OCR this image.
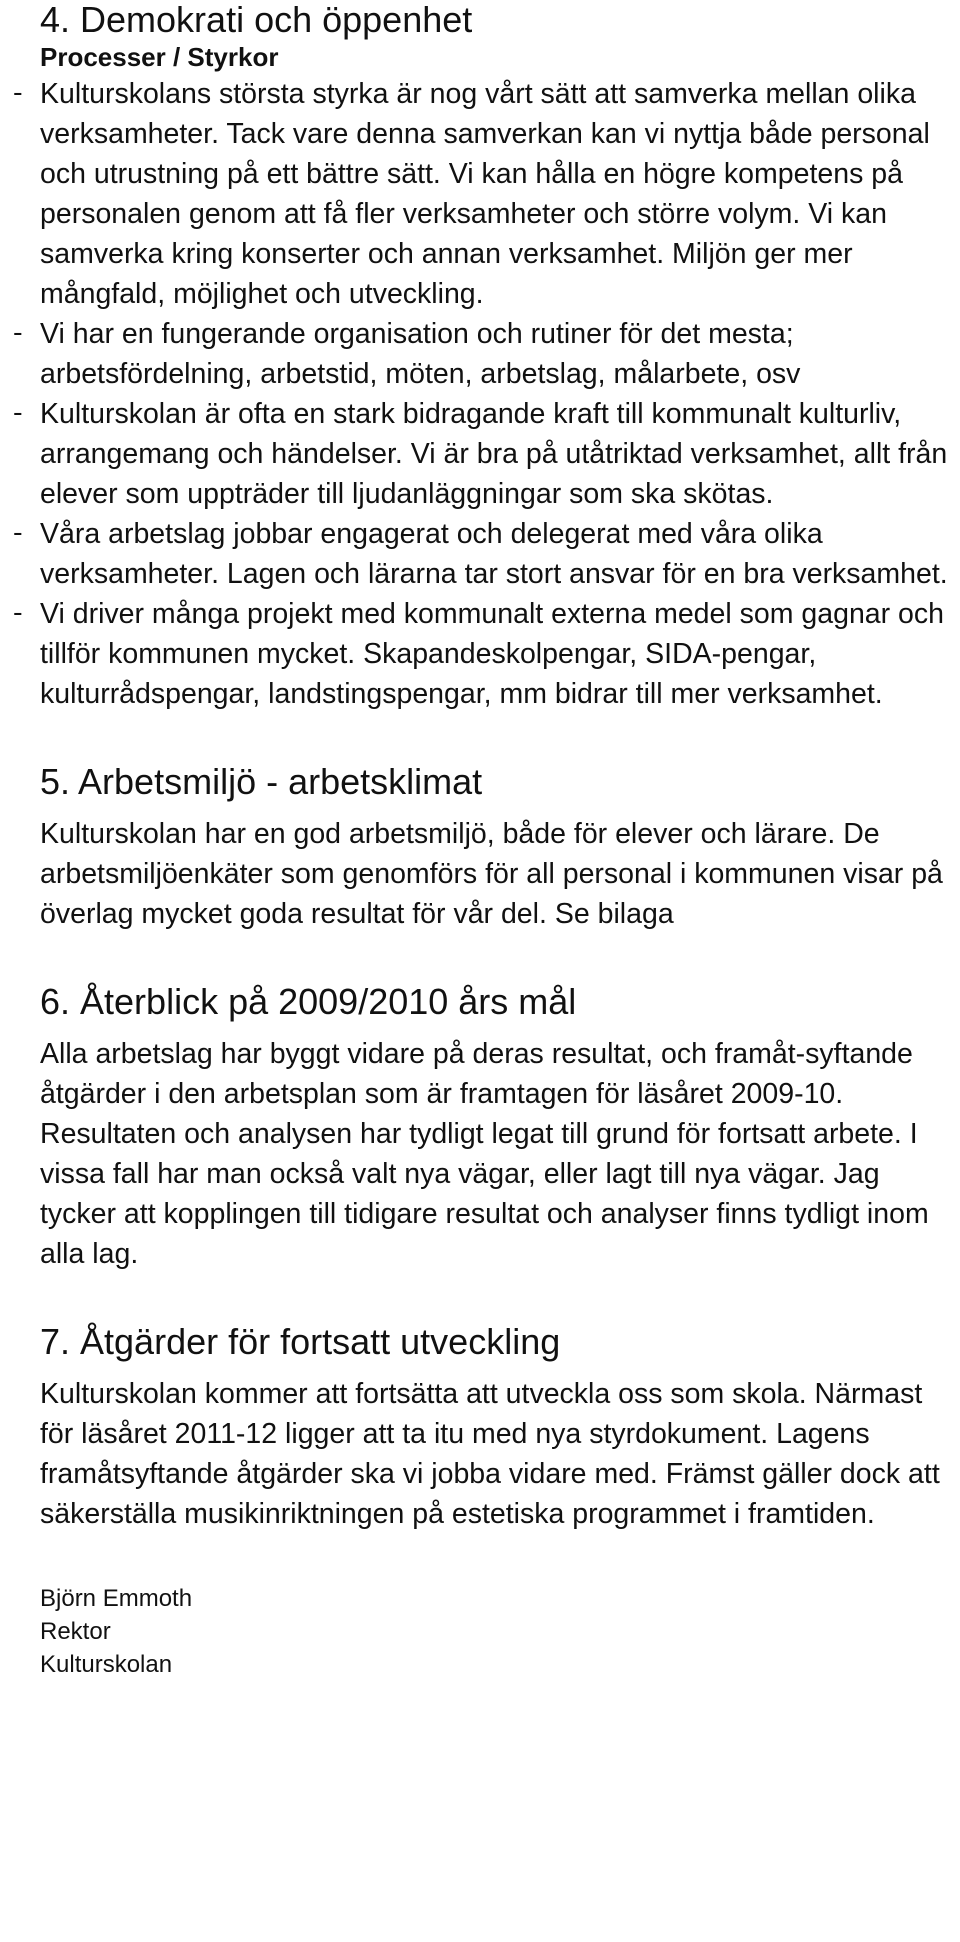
4. Demokrati och öppenhet

Processer / Styrkor

- Kulturskolans största styrka är nog vårt sätt att samverka mellan olika verksamheter. Tack vare denna samverkan kan vi nyttja både personal och utrustning på ett bättre sätt. Vi kan hålla en högre kompetens på personalen genom att få fler verksamheter och större volym. Vi kan samverka kring konserter och annan verksamhet. Miljön ger mer mångfald, möjlighet och utveckling.
- Vi har en fungerande organisation och rutiner för det mesta; arbetsfördelning, arbetstid, möten, arbetslag, målarbete, osv
- Kulturskolan är ofta en stark bidragande kraft till kommunalt kulturliv, arrangemang och händelser. Vi är bra på utåtriktad verksamhet, allt från elever som uppträder till ljudanläggningar som ska skötas.
- Våra arbetslag jobbar engagerat och delegerat med våra olika verksamheter. Lagen och lärarna tar stort ansvar för en bra verksamhet.
- Vi driver många projekt med kommunalt externa medel som gagnar och tillför kommunen mycket. Skapandeskolpengar, SIDA-pengar, kulturrådspengar, landstingspengar, mm bidrar till mer verksamhet.
5. Arbetsmiljö - arbetsklimat

Kulturskolan har en god arbetsmiljö, både för elever och lärare. De arbetsmiljöenkäter som genomförs för all personal i kommunen visar på överlag mycket goda resultat för vår del. Se bilaga

6. Återblick på 2009/2010 års mål

Alla arbetslag har byggt vidare på deras resultat, och framåt-syftande åtgärder i den arbetsplan som är framtagen för läsåret 2009-10. Resultaten och analysen har tydligt legat till grund för fortsatt arbete. I vissa fall har man också valt nya vägar, eller lagt till nya vägar. Jag tycker att kopplingen till tidigare resultat och analyser finns tydligt inom alla lag.

7. Åtgärder för fortsatt utveckling

Kulturskolan kommer att fortsätta att utveckla oss som skola. Närmast för läsåret 2011-12 ligger att ta itu med nya styrdokument. Lagens framåtsyftande åtgärder ska vi jobba vidare med. Främst gäller dock att säkerställa musikinriktningen på estetiska programmet i framtiden.

Björn Emmoth

Rektor

Kulturskolan
